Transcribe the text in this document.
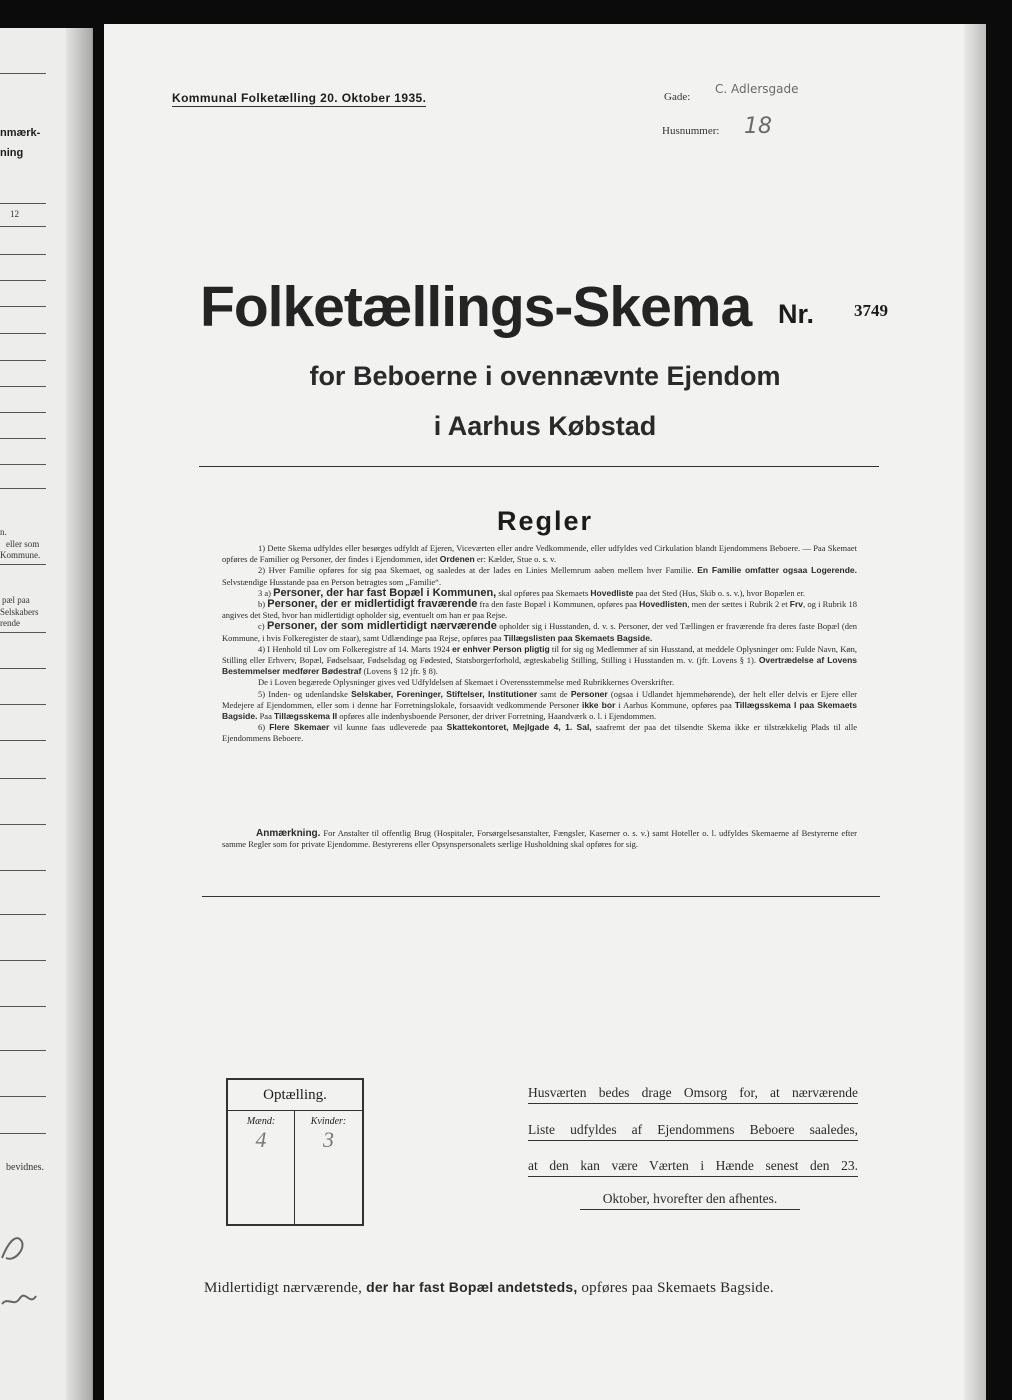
nmærk-
ning
12
n.
eller som
Kommune.
pæl paa
Selskabers
rende
bevidnes.
Kommunal Folketælling 20. Oktober 1935.	Gade:
C. Adlersgade
Husnummer: 18
Folketællings-Skema Nr. 3749
for Beboerne i ovennævnte Ejendom
i Aarhus Købstad
Regler

1) Dette Skema udfyldes eller besørges udfyldt af Ejeren, Viceværten eller andre Vedkommende, eller udfyldes ved Cirkulation blandt Ejendommens Beboere. — Paa Skemaet opføres de Familier og Personer, der findes i Ejendommen, idet Ordenen er: Kælder, Stue o. s. v.

2) Hver Familie opføres for sig paa Skemaet, og saaledes at der lades en Linies Mellemrum aaben mellem hver Familie. En Familie omfatter ogsaa Logerende. Selvstændige Husstande paa en Person betragtes som „Familie“.

3 a) Personer, der har fast Bopæl i Kommunen, skal opføres paa Skemaets Hovedliste paa det Sted (Hus, Skib o. s. v.), hvor Bopælen er.

b) Personer, der er midlertidigt fraværende fra den faste Bopæl i Kommunen, opføres paa Hovedlisten, men der sættes i Rubrik 2 et Frv, og i Rubrik 18 angives det Sted, hvor han midlertidigt opholder sig, eventuelt om han er paa Rejse.

c) Personer, der som midlertidigt nærværende opholder sig i Husstanden, d. v. s. Personer, der ved Tællingen er fraværende fra deres faste Bopæl (den Kommune, i hvis Folkeregister de staar), samt Udlændinge paa Rejse, opføres paa Tillægslisten paa Skemaets Bagside.

4) I Henhold til Lov om Folkeregistre af 14. Marts 1924 er enhver Person pligtig til for sig og Medlemmer af sin Husstand, at meddele Oplysninger om: Fulde Navn, Køn, Stilling eller Erhverv, Bopæl, Fødselsaar, Fødselsdag og Fødested, Statsborgerforhold, ægteskabelig Stilling, Stilling i Husstanden m. v. (jfr. Lovens § 1). Overtrædelse af Lovens Bestemmelser medfører Bødestraf (Lovens § 12 jfr. § 8).

De i Loven begærede Oplysninger gives ved Udfyldelsen af Skemaet i Overensstemmelse med Rubrikkernes Overskrifter.

5) Inden- og udenlandske Selskaber, Foreninger, Stiftelser, Institutioner samt de Personer (ogsaa i Udlandet hjemmehørende), der helt eller delvis er Ejere eller Medejere af Ejendommen, eller som i denne har Forretningslokale, forsaavidt vedkommende Personer ikke bor i Aarhus Kommune, opføres paa Tillægsskema I paa Skemaets Bagside. Paa Tillægsskema II opføres alle indenbysboende Personer, der driver Forretning, Haandværk o. l. i Ejendommen.

6) Flere Skemaer vil kunne faas udleverede paa Skattekontoret, Mejlgade 4, 1. Sal, saafremt der paa det tilsendte Skema ikke er tilstrækkelig Plads til alle Ejendommens Beboere.

Anmærkning. For Anstalter til offentlig Brug (Hospitaler, Forsørgelsesanstalter, Fængsler, Kaserner o. s. v.) samt Hoteller o. l. udfyldes Skemaerne af Bestyrerne efter samme Regler som for private Ejendomme. Bestyrerens eller Opsynspersonalets særlige Husholdning skal opføres for sig.
Optælling.
Mænd:
4
Kvinder:
3
Husværten bedes drage Omsorg for, at nærværende
Liste udfyldes af Ejendommens Beboere saaledes,
at den kan være Værten i Hænde senest den 23.
Oktober, hvorefter den afhentes.
Midlertidigt nærværende, der har fast Bopæl andetsteds, opføres paa Skemaets Bagside.
